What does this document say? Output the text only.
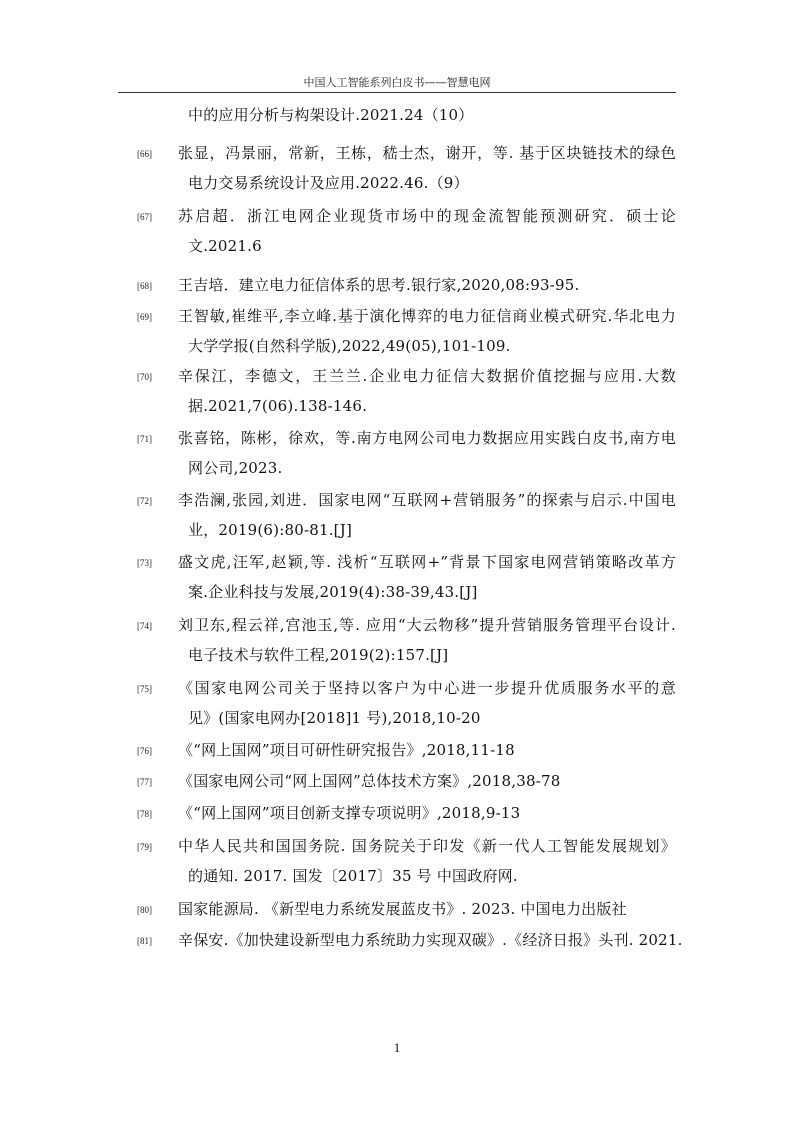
中国人工智能系列白皮书——智慧电网
中的应用分析与构架设计.2021.24（10）
[66] 张显，冯景丽，常新，王栋，嵇士杰，谢开，等. 基于区块链技术的绿色
电力交易系统设计及应用.2022.46.（9）
[67] 苏启超．浙江电网企业现货市场中的现金流智能预测研究．硕士论
文.2021.6
[68] 王吉培．建立电力征信体系的思考.银行家,2020,08:93-95.
[69] 王智敏,崔维平,李立峰.基于演化博弈的电力征信商业模式研究.华北电力
大学学报(自然科学版),2022,49(05),101-109.
[70] 辛保江，李德文，王兰兰.企业电力征信大数据价值挖掘与应用.大数
据.2021,7(06).138-146.
[71] 张喜铭，陈彬，徐欢，等.南方电网公司电力数据应用实践白皮书,南方电
网公司,2023.
[72] 李浩澜,张园,刘进．国家电网“互联网+营销服务”的探索与启示.中国电
业，2019(6):80-81.[J]
[73] 盛文虎,汪军,赵颖,等. 浅析“互联网+”背景下国家电网营销策略改革方
案.企业科技与发展,2019(4):38-39,43.[J]
[74] 刘卫东,程云祥,宫池玉,等. 应用“大云物移”提升营销服务管理平台设计.
电子技术与软件工程,2019(2):157.[J]
[75] 《国家电网公司关于坚持以客户为中心进一步提升优质服务水平的意
见》(国家电网办[2018]1 号),2018,10-20
[76] 《“网上国网”项目可研性研究报告》,2018,11-18
[77] 《国家电网公司“网上国网”总体技术方案》,2018,38-78
[78] 《“网上国网”项目创新支撑专项说明》,2018,9-13
[79] 中华人民共和国国务院. 国务院关于印发《新一代人工智能发展规划》
的通知. 2017. 国发〔2017〕35 号 中国政府网.
[80] 国家能源局. 《新型电力系统发展蓝皮书》. 2023. 中国电力出版社
[81] 辛保安.《加快建设新型电力系统助力实现双碳》.《经济日报》头刊. 2021.
1
